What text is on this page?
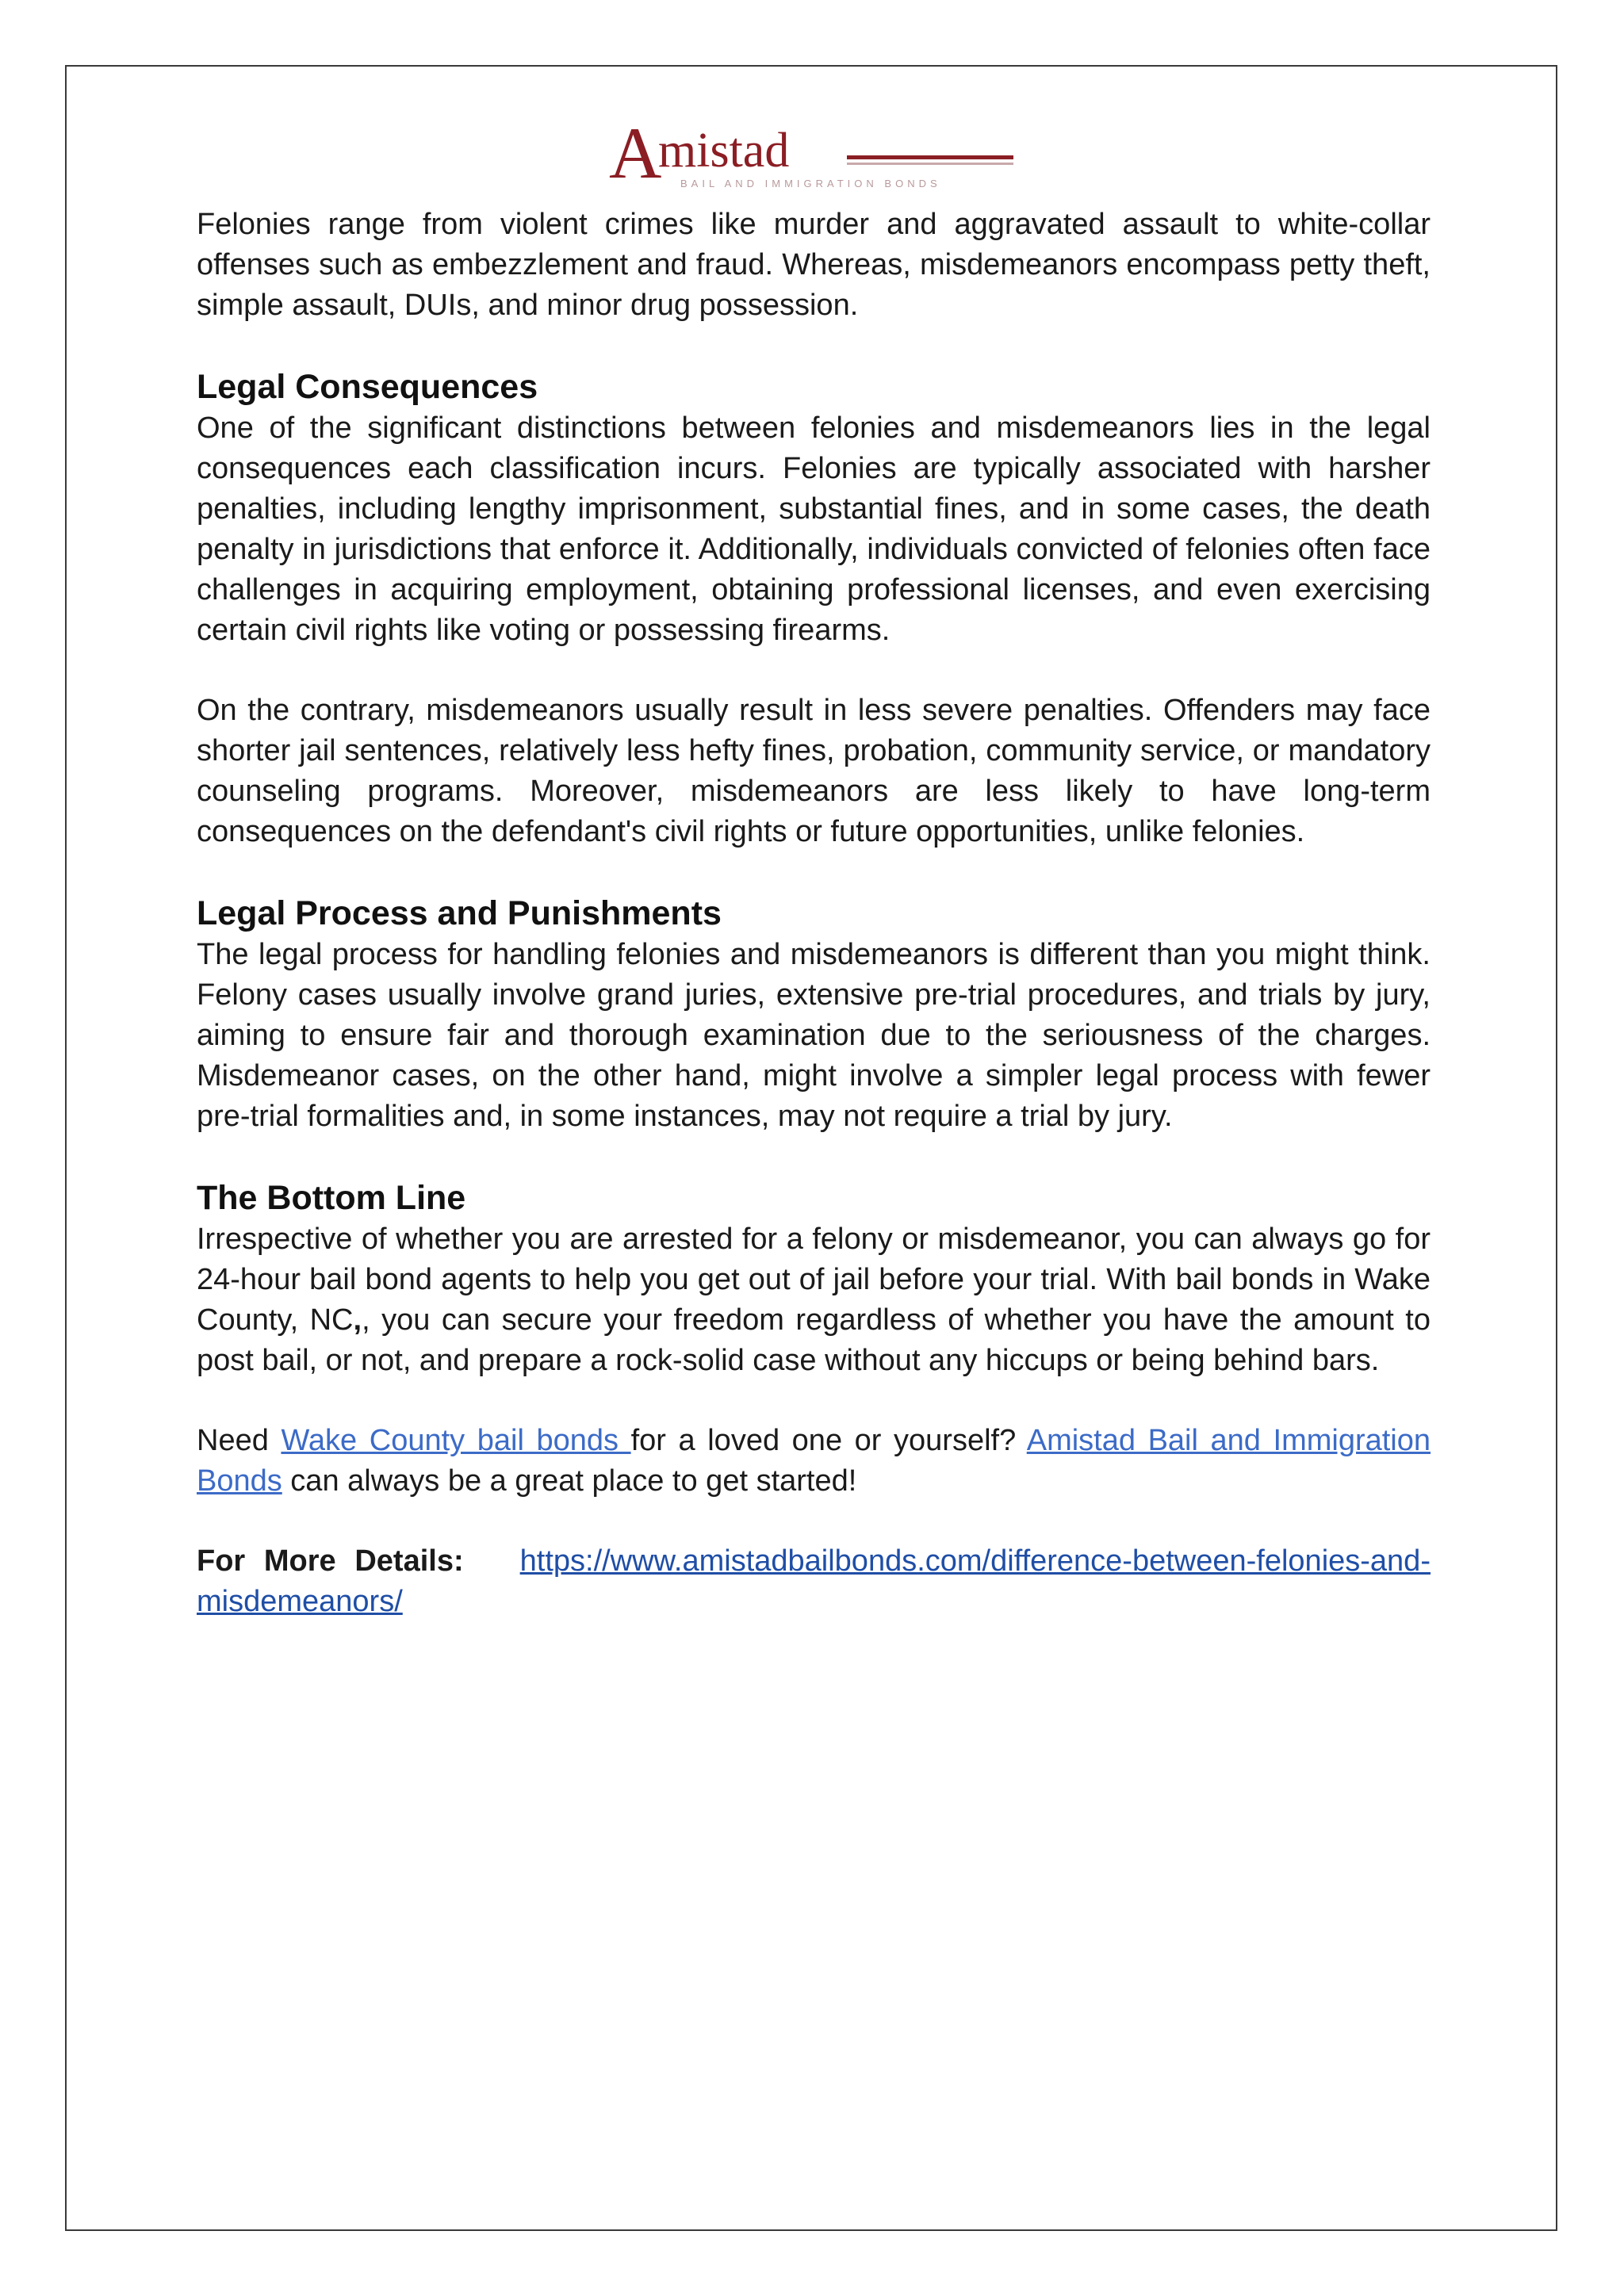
A
mistad
BAIL AND IMMIGRATION BONDS

Felonies range from violent crimes like murder and aggravated assault to white-collar offenses such as embezzlement and fraud. Whereas, misdemeanors encompass petty theft, simple assault, DUIs, and minor drug possession.

Legal Consequences

One of the significant distinctions between felonies and misdemeanors lies in the legal consequences each classification incurs. Felonies are typically associated with harsher penalties, including lengthy imprisonment, substantial fines, and in some cases, the death penalty in jurisdictions that enforce it. Additionally, individuals convicted of felonies often face challenges in acquiring employment, obtaining professional licenses, and even exercising certain civil rights like voting or possessing firearms.

On the contrary, misdemeanors usually result in less severe penalties. Offenders may face shorter jail sentences, relatively less hefty fines, probation, community service, or mandatory counseling programs. Moreover, misdemeanors are less likely to have long-term consequences on the defendant's civil rights or future opportunities, unlike felonies.

Legal Process and Punishments

The legal process for handling felonies and misdemeanors is different than you might think. Felony cases usually involve grand juries, extensive pre-trial procedures, and trials by jury, aiming to ensure fair and thorough examination due to the seriousness of the charges. Misdemeanor cases, on the other hand, might involve a simpler legal process with fewer pre-trial formalities and, in some instances, may not require a trial by jury.

The Bottom Line

Irrespective of whether you are arrested for a felony or misdemeanor, you can always go for 24-hour bail bond agents to help you get out of jail before your trial. With bail bonds in Wake County, NC,, you can secure your freedom regardless of whether you have the amount to post bail, or not, and prepare a rock-solid case without any hiccups or being behind bars.

Need Wake County bail bonds for a loved one or yourself? Amistad Bail and Immigration Bonds can always be a great place to get started!

For More Details: https://www.amistadbailbonds.com/difference-between-felonies-and-misdemeanors/
